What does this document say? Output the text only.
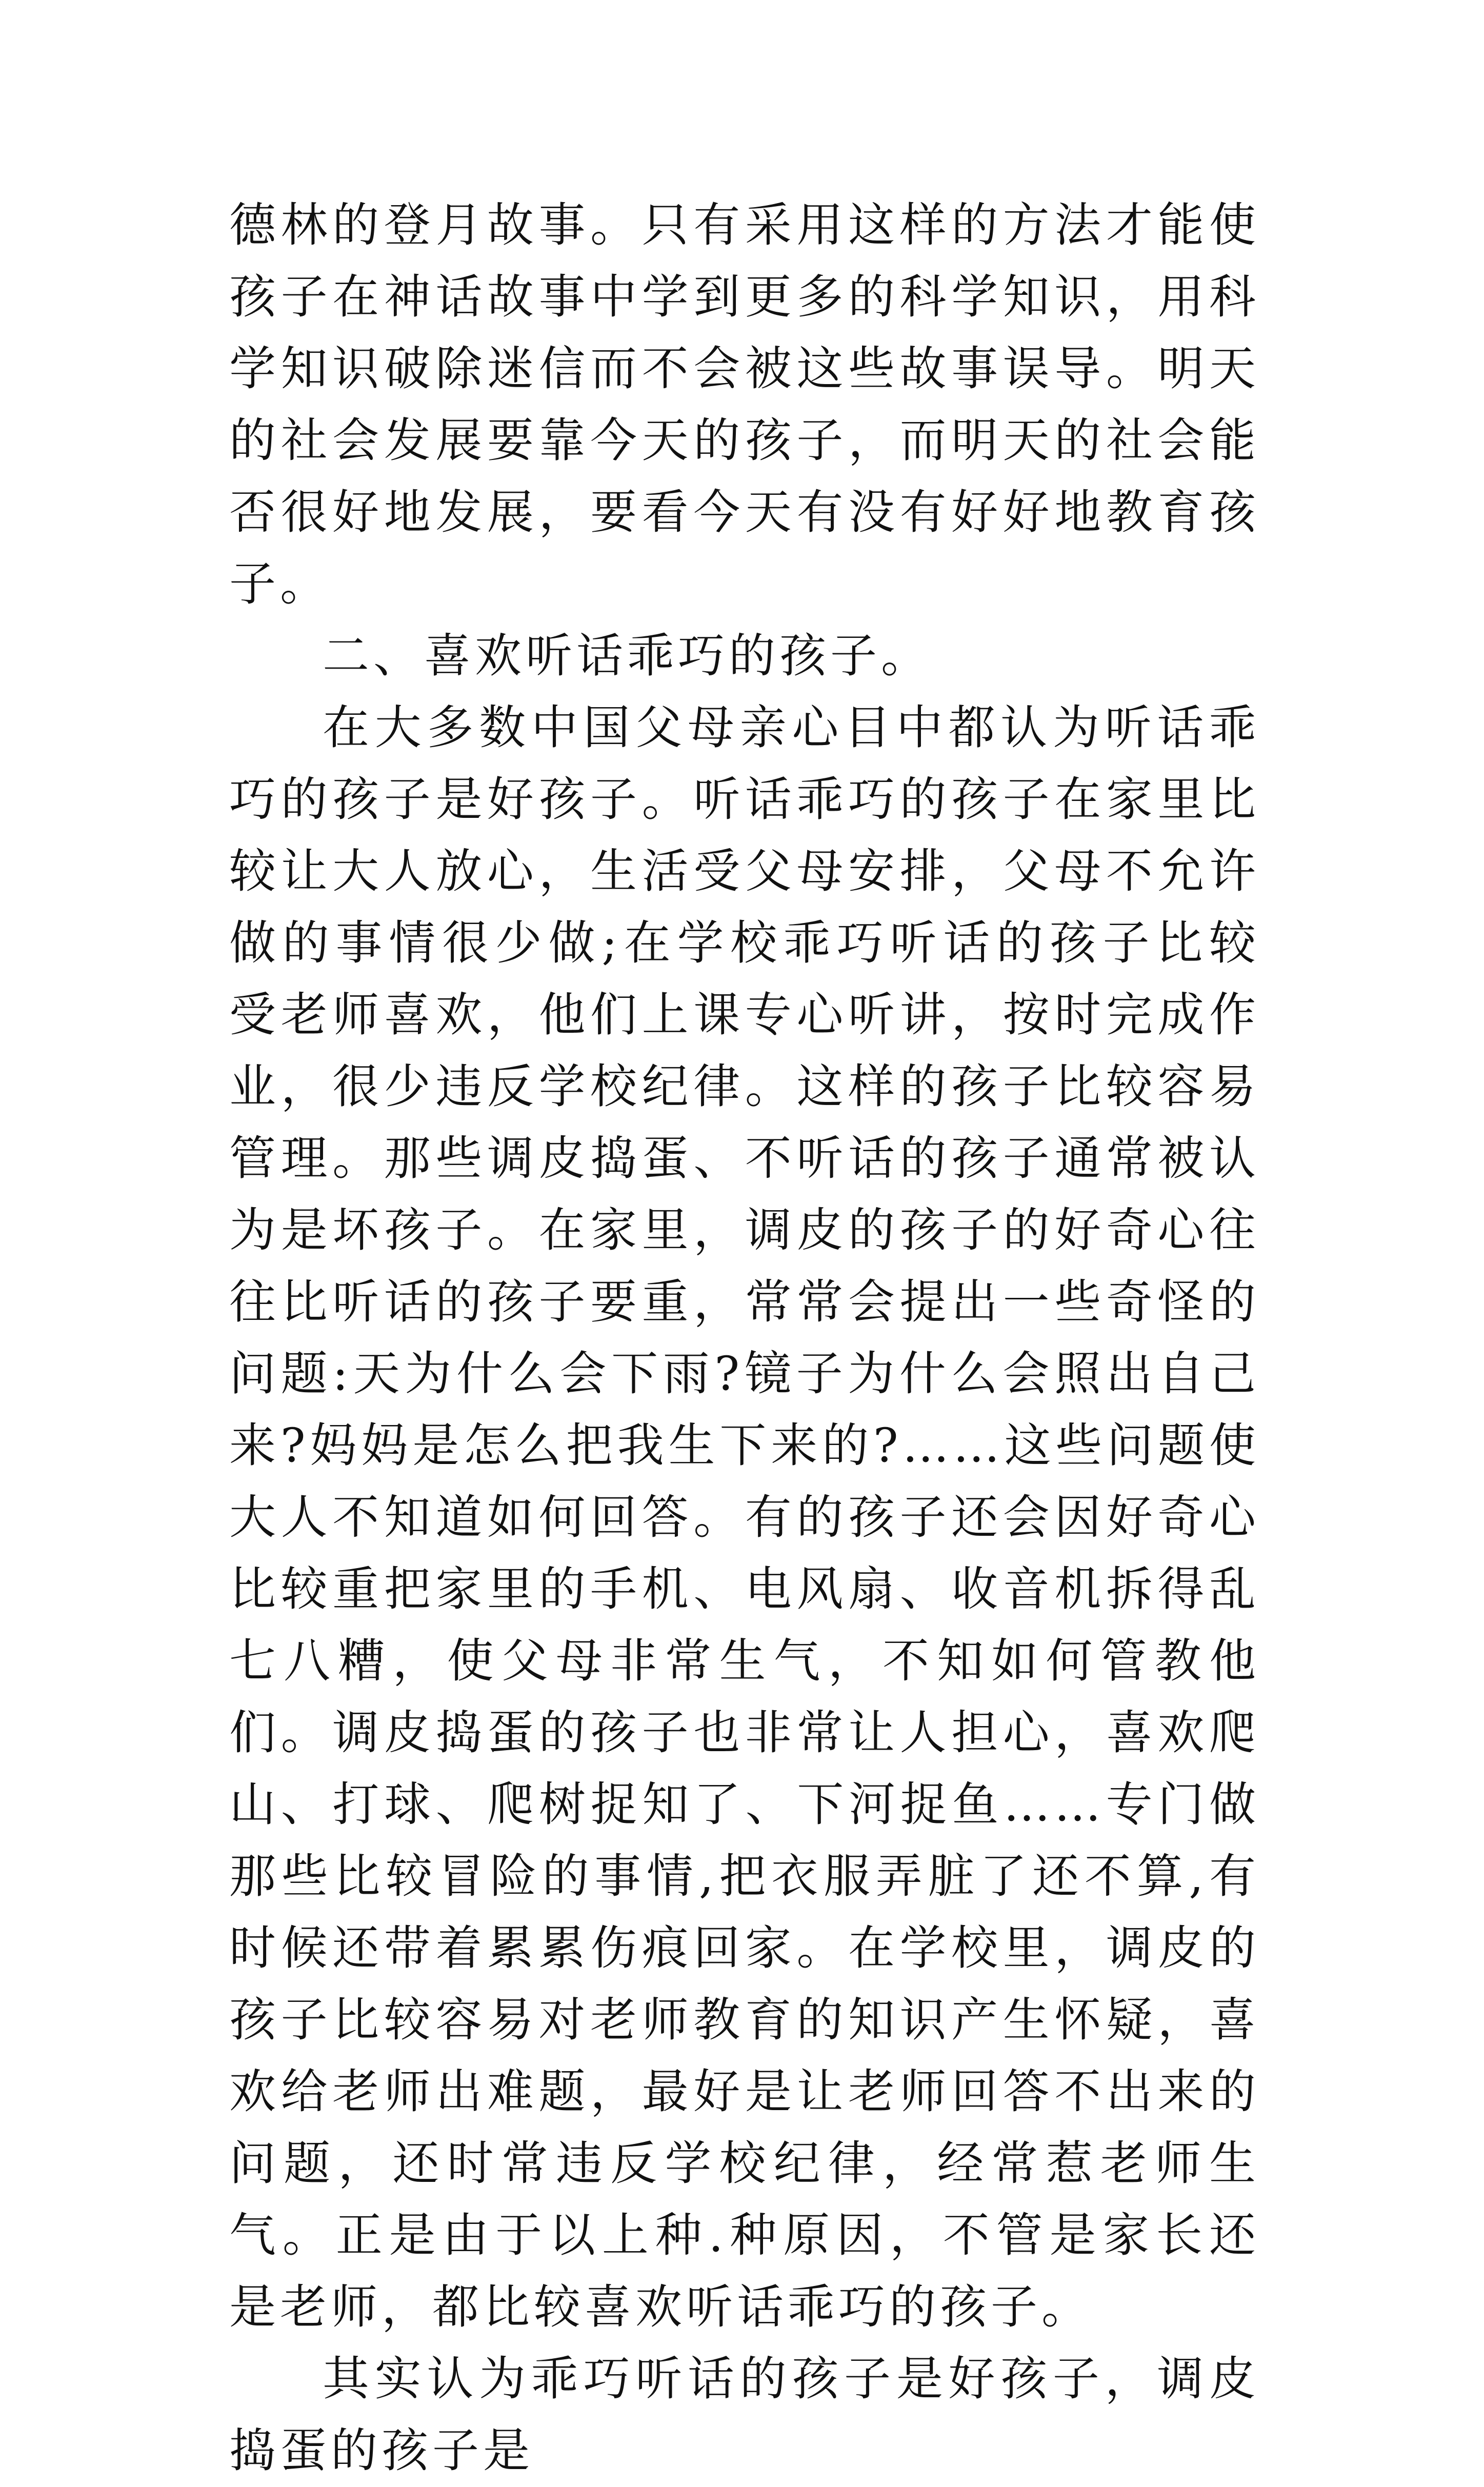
德林的登月故事。只有采用这样的方法才能使孩子在神话故事中学到更多的科学知识，用科学知识破除迷信而不会被这些故事误导。明天的社会发展要靠今天的孩子，而明天的社会能否很好地发展，要看今天有没有好好地教育孩子。

二、喜欢听话乖巧的孩子。

在大多数中国父母亲心目中都认为听话乖巧的孩子是好孩子。听话乖巧的孩子在家里比较让大人放心，生活受父母安排，父母不允许做的事情很少做;在学校乖巧听话的孩子比较受老师喜欢，他们上课专心听讲，按时完成作业，很少违反学校纪律。这样的孩子比较容易管理。那些调皮捣蛋、不听话的孩子通常被认为是坏孩子。在家里，调皮的孩子的好奇心往往比听话的孩子要重，常常会提出一些奇怪的问题:天为什么会下雨?镜子为什么会照出自己来?妈妈是怎么把我生下来的?……这些问题使大人不知道如何回答。有的孩子还会因好奇心比较重把家里的手机、电风扇、收音机拆得乱七八糟，使父母非常生气，不知如何管教他们。调皮捣蛋的孩子也非常让人担心，喜欢爬山、打球、爬树捉知了、下河捉鱼……专门做那些比较冒险的事情,把衣服弄脏了还不算,有时候还带着累累伤痕回家。在学校里，调皮的孩子比较容易对老师教育的知识产生怀疑，喜欢给老师出难题，最好是让老师回答不出来的问题，还时常违反学校纪律，经常惹老师生气。正是由于以上种.种原因，不管是家长还是老师，都比较喜欢听话乖巧的孩子。

其实认为乖巧听话的孩子是好孩子，调皮捣蛋的孩子是
